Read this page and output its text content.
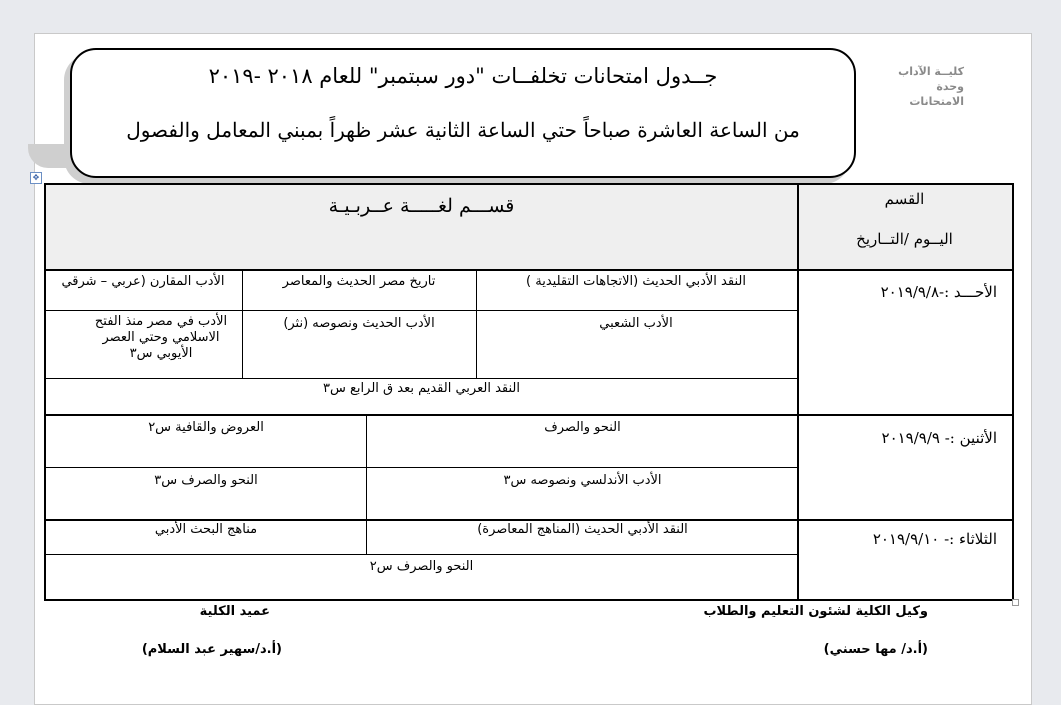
كليــة الآداب
وحدة الامتحانات
جــدول امتحانات تخلفــات "دور سبتمبر" للعام ٢٠١٨ -٢٠١٩
من الساعة العاشرة صباحاً حتي الساعة الثانية عشر ظهراً بمبني المعامل والفصول
✥
القسم
اليــوم /التــاريخ
قســـم لغـــــة عــربـيـة
الأحـــد :-٢٠١٩/٩/٨
النقد الأدبي الحديث (الاتجاهات التقليدية )
تاريخ مصر الحديث والمعاصر
الأدب المقارن (عربي – شرقي
الأدب الشعبي
الأدب الحديث ونصوصه (نثر)
الأدب في مصر منذ الفتح الاسلامي وحتي العصر الأيوبي س٣
النقد العربي القديم بعد ق الرابع س٣
الأثنين :- ٢٠١٩/٩/٩
النحو والصرف
العروض والقافية س٢
الأدب الأندلسي ونصوصه س٣
النحو والصرف س٣
الثلاثاء :- ٢٠١٩/٩/١٠
النقد الأدبي الحديث (المناهج المعاصرة)
مناهج البحث الأدبي
النحو والصرف س٢
وكيل الكلية لشئون التعليم والطلاب
(أ.د/ مها حسني)
عميد الكلية
(أ.د/سهير عبد السلام)
